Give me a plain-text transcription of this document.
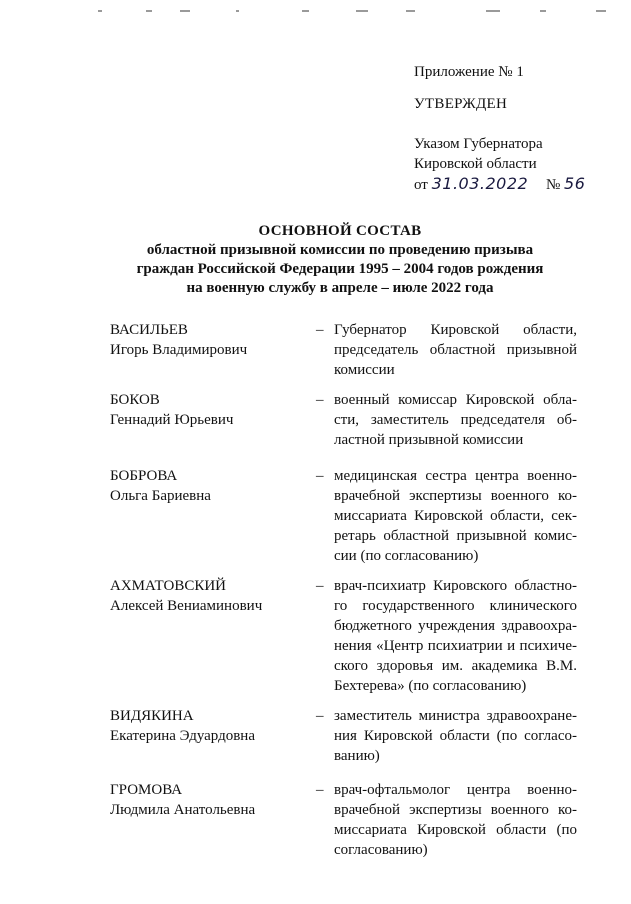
Приложение № 1
УТВЕРЖДЕН
Указом Губернатора
Кировской области
от 31.03.2022 № 56
ОСНОВНОЙ СОСТАВ
областной призывной комиссии по проведению призыва
граждан Российской Федерации 1995 – 2004 годов рождения
на военную службу в апреле – июле 2022 года
ВАСИЛЬЕВ
Игорь Владимирович
– Губернатор Кировской области, председатель областной призывной комиссии
БОКОВ
Геннадий Юрьевич
– военный комиссар Кировской области, заместитель председателя областной призывной комиссии
БОБРОВА
Ольга Бариевна
– медицинская сестра центра военно-врачебной экспертизы военного комиссариата Кировской области, секретарь областной призывной комиссии (по согласованию)
АХМАТОВСКИЙ
Алексей Вениаминович
– врач-психиатр Кировского областного государственного клинического бюджетного учреждения здравоохранения «Центр психиатрии и психического здоровья им. академика В.М. Бехтерева» (по согласованию)
ВИДЯКИНА
Екатерина Эдуардовна
– заместитель министра здравоохранения Кировской области (по согласованию)
ГРОМОВА
Людмила Анатольевна
– врач-офтальмолог центра военно-врачебной экспертизы военного комиссариата Кировской области (по согласованию)
